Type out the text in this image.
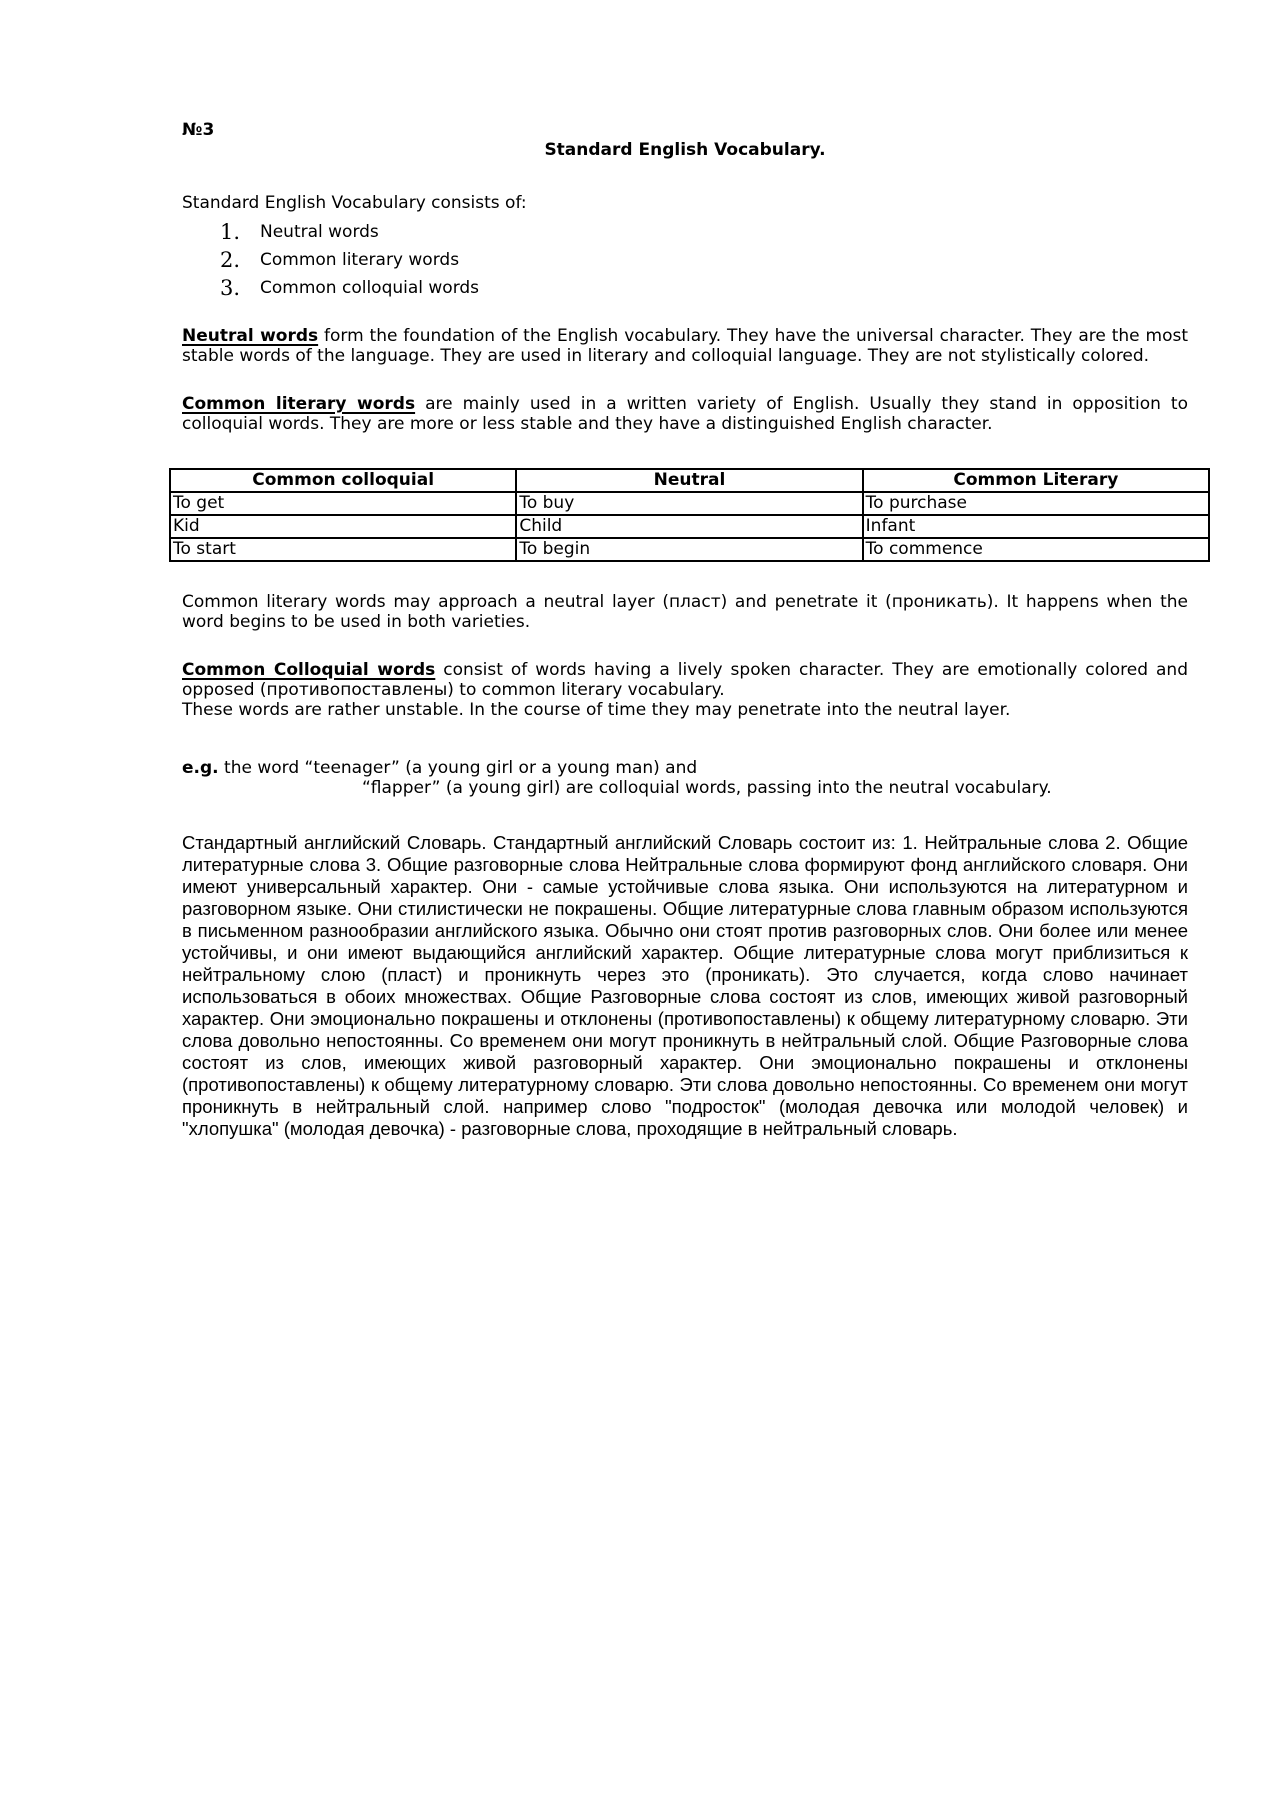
№3
Standard English Vocabulary.
Standard English Vocabulary consists of:
1. Neutral words
2. Common literary words
3. Common colloquial words

Neutral words form the foundation of the English vocabulary. They have the universal character. They are the most stable words of the language. They are used in literary and colloquial language. They are not stylistically colored.

Common literary words are mainly used in a written variety of English. Usually they stand in opposition to colloquial words. They are more or less stable and they have a distinguished English character.

Common colloquial	Neutral	Common Literary
To get	To buy	To purchase
Kid	Child	Infant
To start	To begin	To commence

Common literary words may approach a neutral layer (пласт) and penetrate it (проникать). It happens when the word begins to be used in both varieties.

Common Colloquial words consist of words having a lively spoken character. They are emotionally colored and opposed (противопоставлены) to common literary vocabulary.

These words are rather unstable. In the course of time they may penetrate into the neutral layer.

e.g. the word “teenager” (a young girl or a young man) and

“flapper” (a young girl) are colloquial words, passing into the neutral vocabulary.

Стандартный английский Словарь. Стандартный английский Словарь состоит из: 1. Нейтральные слова 2. Общие литературные слова 3. Общие разговорные слова Нейтральные слова формируют фонд английского словаря. Они имеют универсальный характер. Они - самые устойчивые слова языка. Они используются на литературном и разговорном языке. Они стилистически не покрашены. Общие литературные слова главным образом используются в письменном разнообразии английского языка. Обычно они стоят против разговорных слов. Они более или менее устойчивы, и они имеют выдающийся английский характер. Общие литературные слова могут приблизиться к нейтральному слою (пласт) и проникнуть через это (проникать). Это случается, когда слово начинает использоваться в обоих множествах. Общие Разговорные слова состоят из слов, имеющих живой разговорный характер. Они эмоционально покрашены и отклонены (противопоставлены) к общему литературному словарю. Эти слова довольно непостоянны. Со временем они могут проникнуть в нейтральный слой. Общие Разговорные слова состоят из слов, имеющих живой разговорный характер. Они эмоционально покрашены и отклонены (противопоставлены) к общему литературному словарю. Эти слова довольно непостоянны. Со временем они могут проникнуть в нейтральный слой. например слово "подросток" (молодая девочка или молодой человек) и "хлопушка" (молодая девочка) - разговорные слова, проходящие в нейтральный словарь.
